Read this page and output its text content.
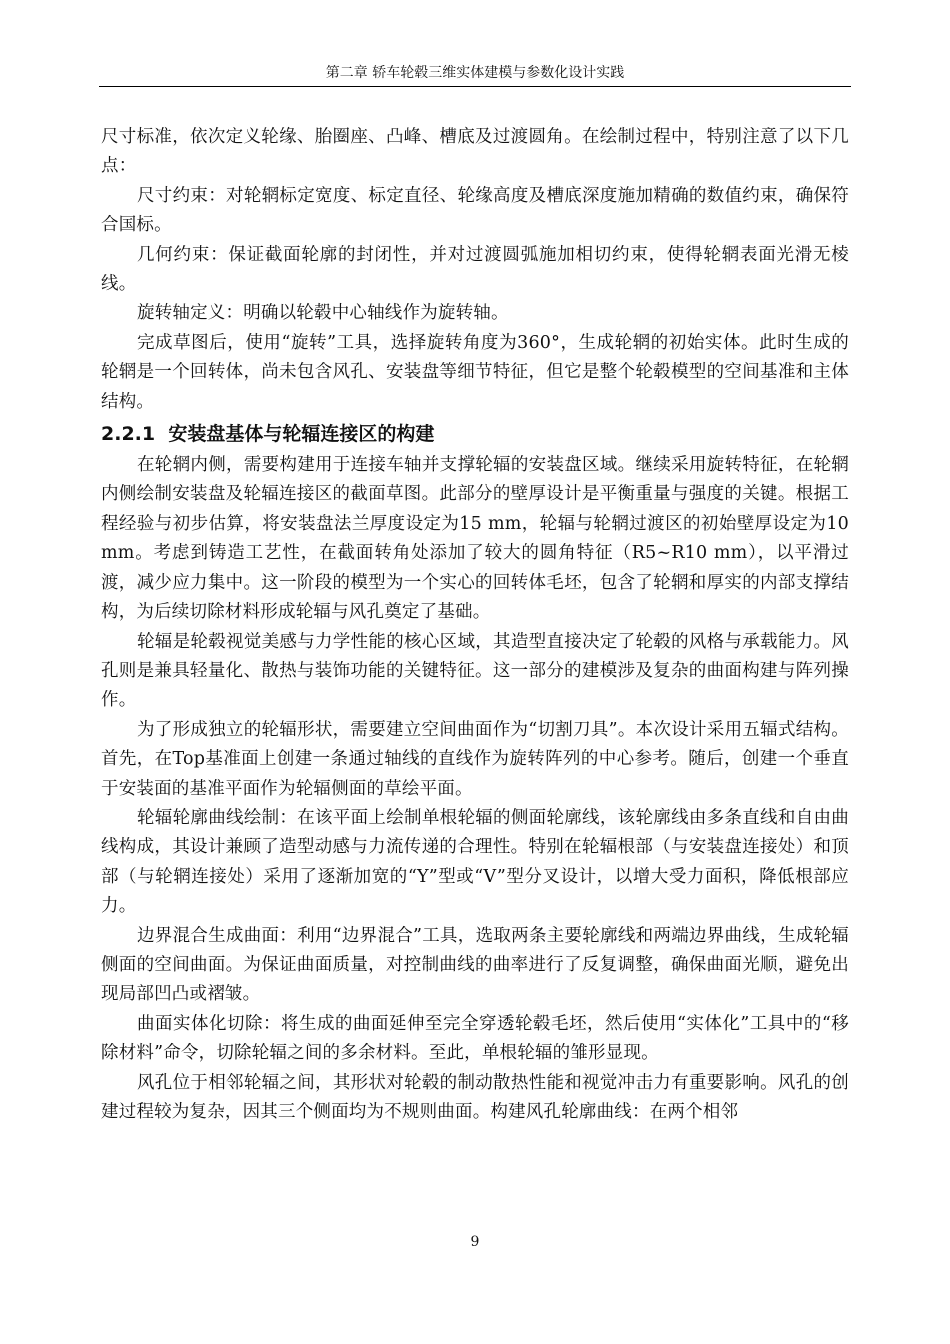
第二章 轿车轮毂三维实体建模与参数化设计实践

尺寸标准，依次定义轮缘、胎圈座、凸峰、槽底及过渡圆角。在绘制过程中，特别注意了以下几点：

尺寸约束：对轮辋标定宽度、标定直径、轮缘高度及槽底深度施加精确的数值约束，确保符合国标。

几何约束：保证截面轮廓的封闭性，并对过渡圆弧施加相切约束，使得轮辋表面光滑无棱线。

旋转轴定义：明确以轮毂中心轴线作为旋转轴。

完成草图后，使用“旋转”工具，选择旋转角度为360°，生成轮辋的初始实体。此时生成的轮辋是一个回转体，尚未包含风孔、安装盘等细节特征，但它是整个轮毂模型的空间基准和主体结构。

2.2.1 安装盘基体与轮辐连接区的构建

在轮辋内侧，需要构建用于连接车轴并支撑轮辐的安装盘区域。继续采用旋转特征，在轮辋内侧绘制安装盘及轮辐连接区的截面草图。此部分的壁厚设计是平衡重量与强度的关键。根据工程经验与初步估算，将安装盘法兰厚度设定为15 mm，轮辐与轮辋过渡区的初始壁厚设定为10 mm。考虑到铸造工艺性，在截面转角处添加了较大的圆角特征（R5~R10 mm），以平滑过渡，减少应力集中。这一阶段的模型为一个实心的回转体毛坯，包含了轮辋和厚实的内部支撑结构，为后续切除材料形成轮辐与风孔奠定了基础。

轮辐是轮毂视觉美感与力学性能的核心区域，其造型直接决定了轮毂的风格与承载能力。风孔则是兼具轻量化、散热与装饰功能的关键特征。这一部分的建模涉及复杂的曲面构建与阵列操作。

为了形成独立的轮辐形状，需要建立空间曲面作为“切割刀具”。本次设计采用五辐式结构。首先，在Top基准面上创建一条通过轴线的直线作为旋转阵列的中心参考。随后，创建一个垂直于安装面的基准平面作为轮辐侧面的草绘平面。

轮辐轮廓曲线绘制：在该平面上绘制单根轮辐的侧面轮廓线，该轮廓线由多条直线和自由曲线构成，其设计兼顾了造型动感与力流传递的合理性。特别在轮辐根部（与安装盘连接处）和顶部（与轮辋连接处）采用了逐渐加宽的“Y”型或“V”型分叉设计，以增大受力面积，降低根部应力。

边界混合生成曲面：利用“边界混合”工具，选取两条主要轮廓线和两端边界曲线，生成轮辐侧面的空间曲面。为保证曲面质量，对控制曲线的曲率进行了反复调整，确保曲面光顺，避免出现局部凹凸或褶皱。

曲面实体化切除：将生成的曲面延伸至完全穿透轮毂毛坯，然后使用“实体化”工具中的“移除材料”命令，切除轮辐之间的多余材料。至此，单根轮辐的雏形显现。

风孔位于相邻轮辐之间，其形状对轮毂的制动散热性能和视觉冲击力有重要影响。风孔的创建过程较为复杂，因其三个侧面均为不规则曲面。构建风孔轮廓曲线：在两个相邻

9
